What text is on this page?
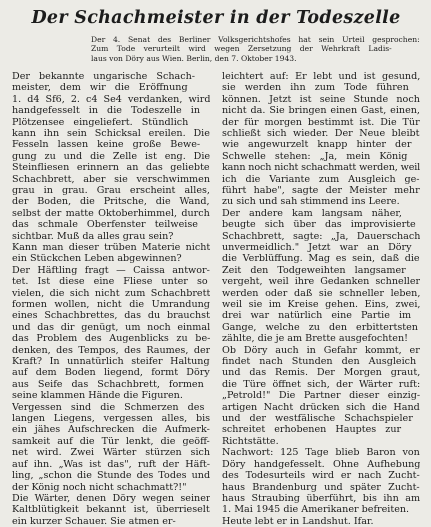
Der Schachmeister in der Todeszelle
Der 4. Senat des Berliner Volksgerichtshofes hat sein Urteil gesprochen:
Zum Tode verurteilt wird wegen Zersetzung der Wehrkraft Ladis-
laus von Döry aus Wien. Berlin, den 7. Oktober 1943.
Der bekannte ungarische Schach-
meister, dem wir die Eröffnung
1. d4 Sf6, 2. c4 Se4 verdanken, wird
handgefesselt in die Todeszelle in
Plötzensee eingeliefert. Stündlich
kann ihn sein Schicksal ereilen. Die
Fesseln lassen keine große Bewe-
gung zu und die Zelle ist eng. Die
Steinfliesen erinnern an das geliebte
Schachbrett, aber sie verschwimmen
grau in grau. Grau erscheint alles,
der Boden, die Pritsche, die Wand,
selbst der matte Oktoberhimmel, durch
das schmale Oberfenster teilweise
sichtbar. Muß da alles grau sein?
Kann man dieser trüben Materie nicht
ein Stückchen Leben abgewinnen?
Der Häftling fragt — Caissa antwor-
tet. Ist diese eine Fliese unter so
vielen, die sich nicht zum Schachbrett
formen wollen, nicht die Umrandung
eines Schachbrettes, das du brauchst
und das dir genügt, um noch einmal
das Problem des Augenblicks zu be-
denken, des Tempos, des Raumes, der
Kraft? In unnatürlich steifer Haltung
auf dem Boden liegend, formt Döry
aus Seife das Schachbrett, formen
seine klammen Hände die Figuren.
Vergessen sind die Schmerzen des
langen Liegens, vergessen alles, bis
ein jähes Aufschrecken die Aufmerk-
samkeit auf die Tür lenkt, die geöff-
net wird. Zwei Wärter stürzen sich
auf ihn. „Was ist das", ruft der Häft-
ling, „schon die Stunde des Todes und
der König noch nicht schachmatt?!"
Die Wärter, denen Döry wegen seiner
Kaltblütigkeit bekannt ist, überrieselt
ein kurzer Schauer. Sie atmen er-
leichtert auf: Er lebt und ist gesund,
sie werden ihn zum Tode führen
können. Jetzt ist seine Stunde noch
nicht da. Sie bringen einen Gast, einen,
der für morgen bestimmt ist. Die Tür
schließt sich wieder. Der Neue bleibt
wie angewurzelt knapp hinter der
Schwelle stehen: „Ja, mein König
kann noch nicht schachmatt werden, weil
ich die Variante zum Ausgleich ge-
führt habe", sagte der Meister mehr
zu sich und sah stimmend ins Leere.
Der andere kam langsam näher,
beugte sich über das improvisierte
Schachbrett, sagte: „Ja, Dauerschach
unvermeidlich." Jetzt war an Döry
die Verblüffung. Mag es sein, daß die
Zeit den Todgeweihten langsamer
vergeht, weil ihre Gedanken schneller
werden oder daß sie schneller leben,
weil sie im Kreise gehen. Eins, zwei,
drei war natürlich eine Partie im
Gange, welche zu den erbittertsten
zählte, die je am Brette ausgefochten!
Ob Döry auch in Gefahr kommt, er
findet nach Stunden den Ausgleich
und das Remis. Der Morgen graut,
die Türe öffnet sich, der Wärter ruft:
„Petrold!" Die Partner dieser einzig-
artigen Nacht drücken sich die Hand
und der westfälische Schachspieler
schreitet erhobenen Hauptes zur
Richtstätte.
Nachwort: 125 Tage blieb Baron von
Döry handgefesselt. Ohne Aufhebung
des Todesurteils wird er nach Zucht-
haus Brandenburg und später Zucht-
haus Straubing überführt, bis ihn am
1. Mai 1945 die Amerikaner befreiten.
Heute lebt er in Landshut. Ifar.
